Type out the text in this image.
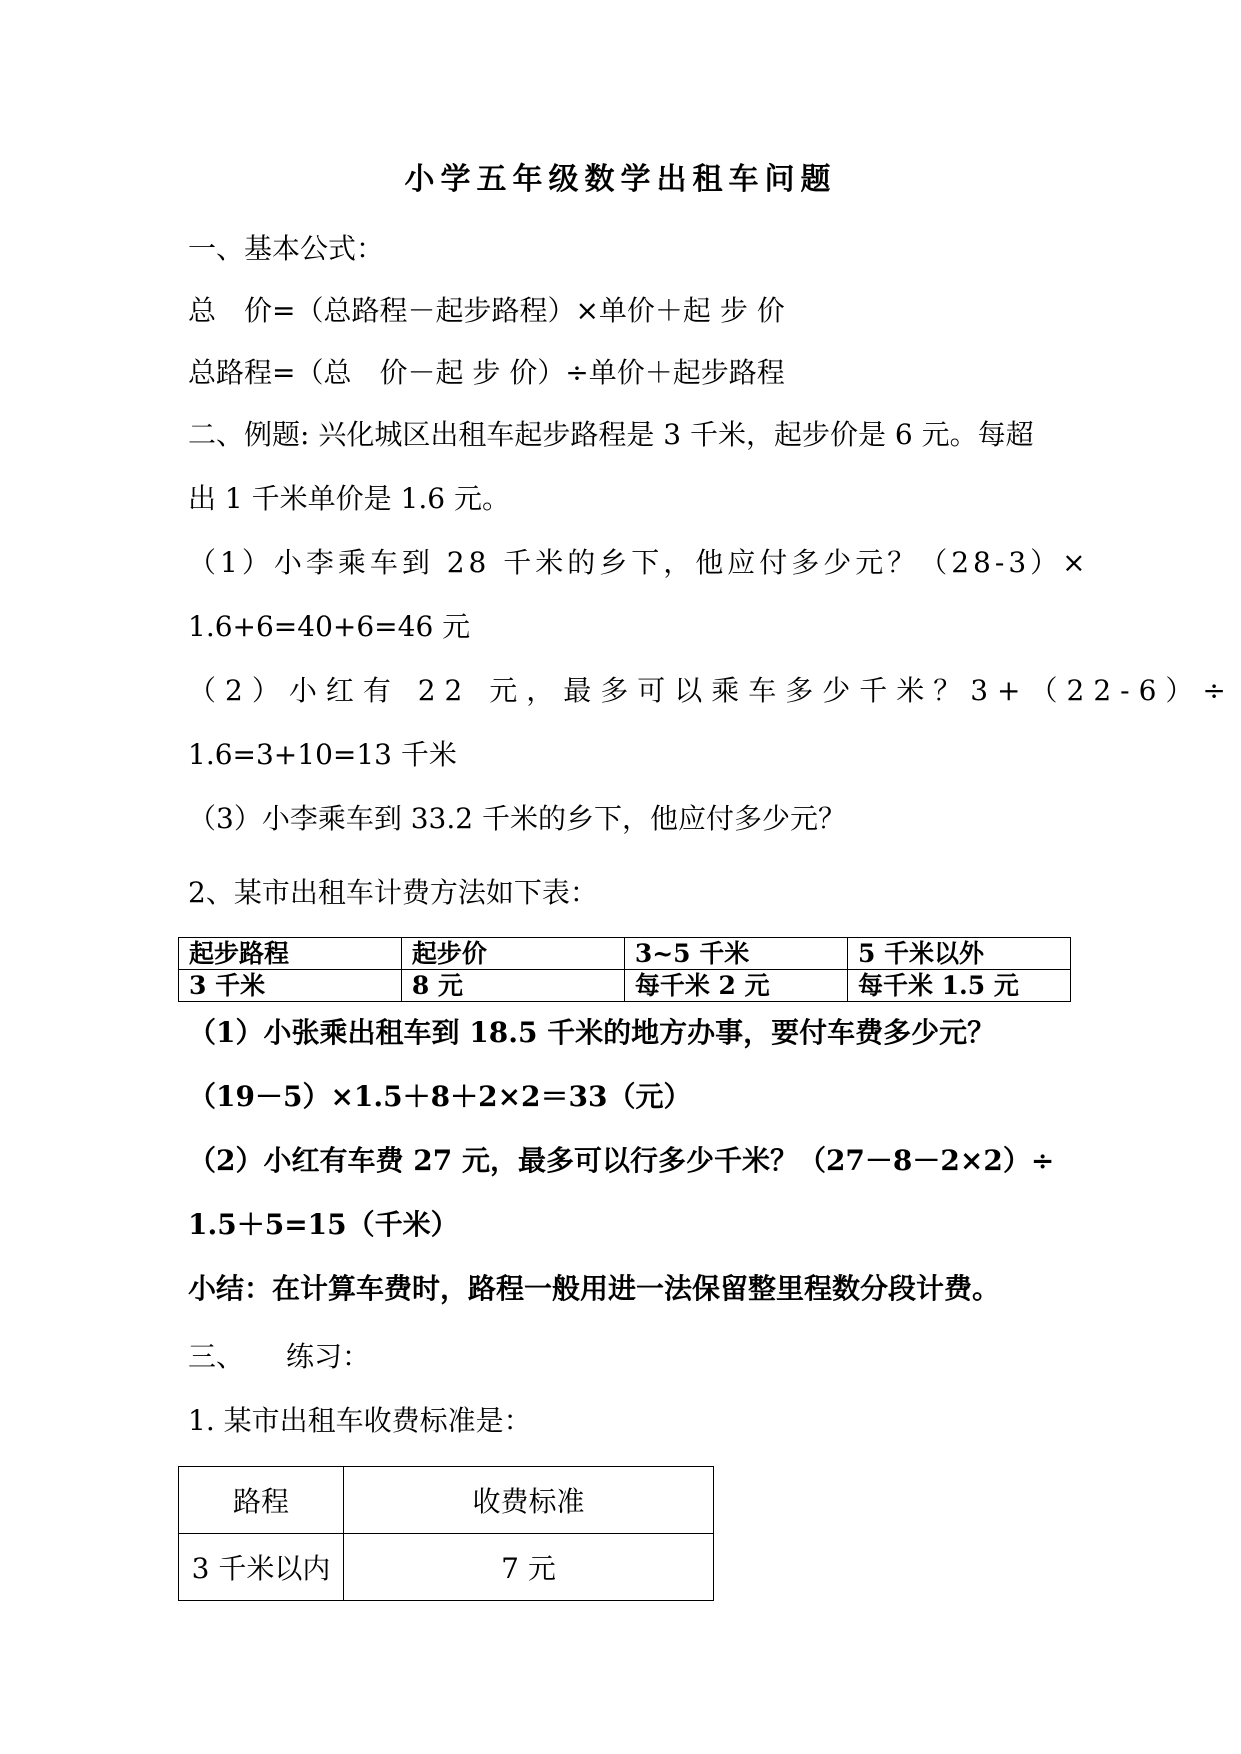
小学五年级数学出租车问题
一、基本公式：
总　价=（总路程－起步路程）×单价＋起 步 价
总路程=（总　价－起 步 价）÷单价＋起步路程
二、例题: 兴化城区出租车起步路程是 3 千米，起步价是 6 元。每超
出 1 千米单价是 1.6 元。
（1）小李乘车到 28 千米的乡下，他应付多少元？（28-3）×
1.6+6=40+6=46 元
（2）小红有 22 元，最多可以乘车多少千米？3+（22-6）÷
1.6=3+10=13 千米
（3）小李乘车到 33.2 千米的乡下，他应付多少元？
2、某市出租车计费方法如下表：
起步路程	起步价	3~5 千米	5 千米以外
3 千米	8 元	每千米 2 元	每千米 1.5 元
（1）小张乘出租车到 18.5 千米的地方办事，要付车费多少元？
（19－5）×1.5＋8＋2×2＝33（元）
（2）小红有车费 27 元，最多可以行多少千米？（27－8－2×2）÷
1.5＋5=15（千米）
小结：在计算车费时，路程一般用进一法保留整里程数分段计费。
三、　　练习：
1. 某市出租车收费标准是：
路程	收费标准
3 千米以内	7 元
